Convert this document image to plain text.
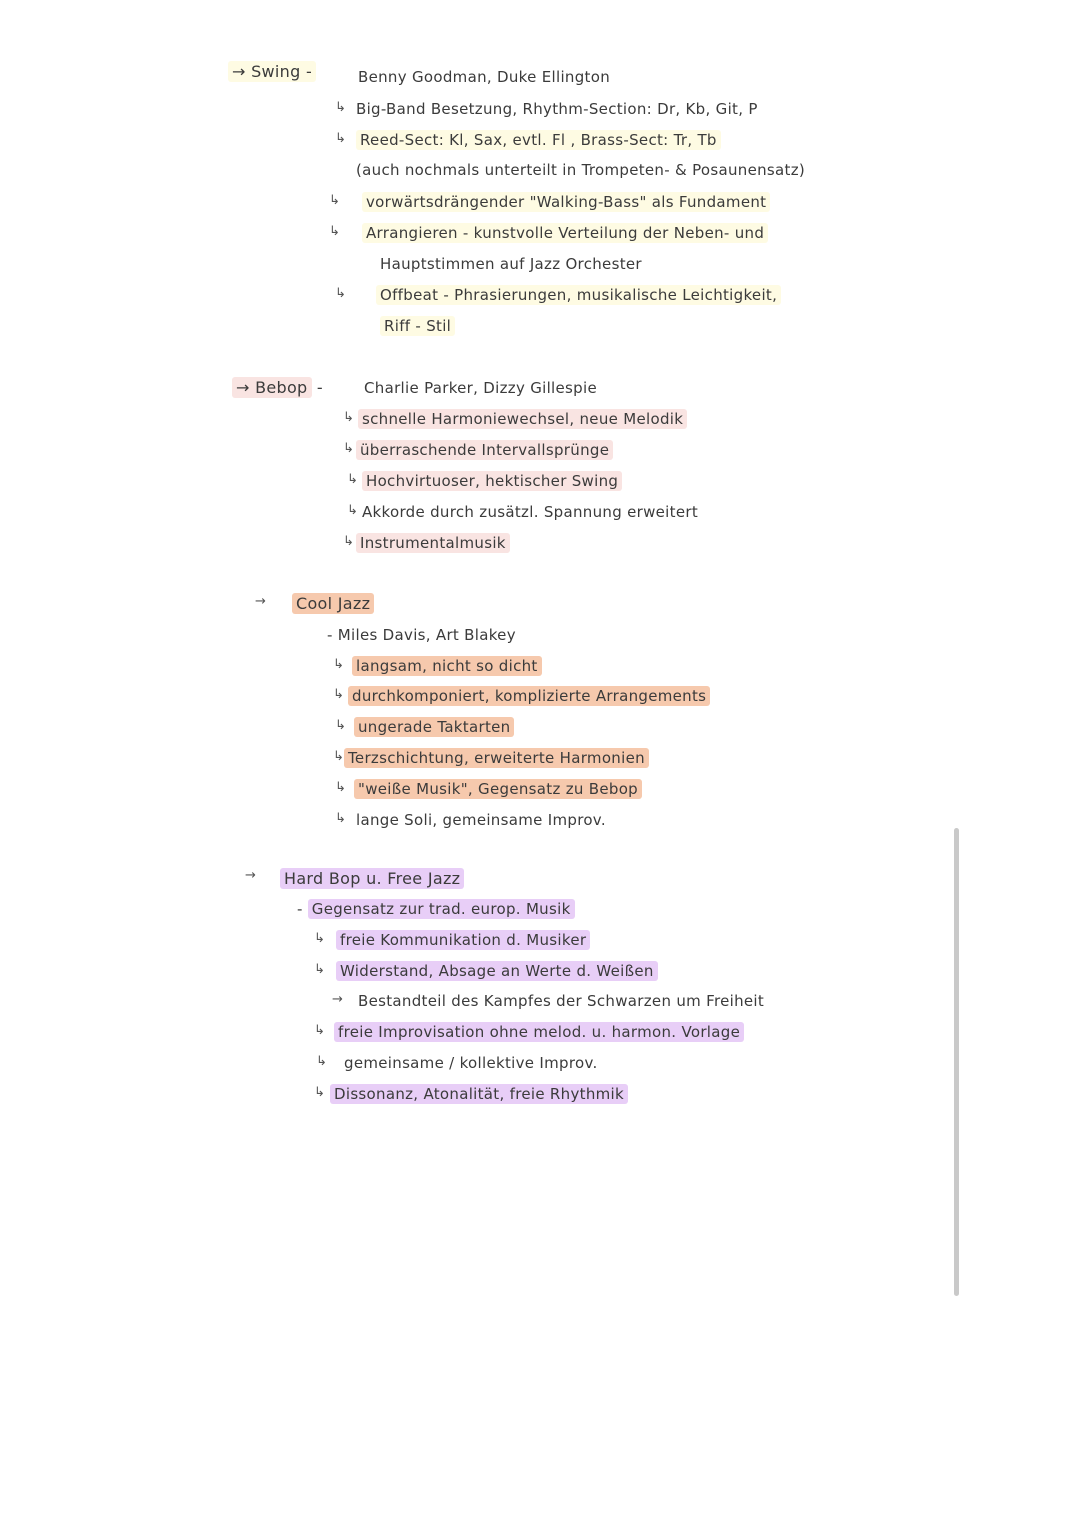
→ Swing -	Benny Goodman, Duke Ellington
↳ Big-Band Besetzung, Rhythm-Section: Dr, Kb, Git, P
↳ Reed-Sect: Kl, Sax, evtl. Fl , Brass-Sect: Tr, Tb
(auch nochmals unterteilt in Trompeten- & Posaunensatz)
↳ vorwärtsdrängender "Walking-Bass" als Fundament
↳ Arrangieren - kunstvolle Verteilung der Neben- und
Hauptstimmen auf Jazz Orchester
↳ Offbeat - Phrasierungen, musikalische Leichtigkeit,
Riff - Stil
→ Bebop -	Charlie Parker, Dizzy Gillespie
↳ schnelle Harmoniewechsel, neue Melodik
↳ überraschende Intervallsprünge
↳ Hochvirtuoser, hektischer Swing
↳ Akkorde durch zusätzl. Spannung erweitert
↳ Instrumentalmusik
→ Cool Jazz
- Miles Davis, Art Blakey
↳ langsam, nicht so dicht
↳ durchkomponiert, komplizierte Arrangements
↳ ungerade Taktarten
↳ Terzschichtung, erweiterte Harmonien
↳ "weiße Musik", Gegensatz zu Bebop
↳ lange Soli, gemeinsame Improv.
→ Hard Bop u. Free Jazz
- Gegensatz zur trad. europ. Musik
↳ freie Kommunikation d. Musiker
↳ Widerstand, Absage an Werte d. Weißen
→ Bestandteil des Kampfes der Schwarzen um Freiheit
↳ freie Improvisation ohne melod. u. harmon. Vorlage
↳ gemeinsame / kollektive Improv.
↳ Dissonanz, Atonalität, freie Rhythmik
